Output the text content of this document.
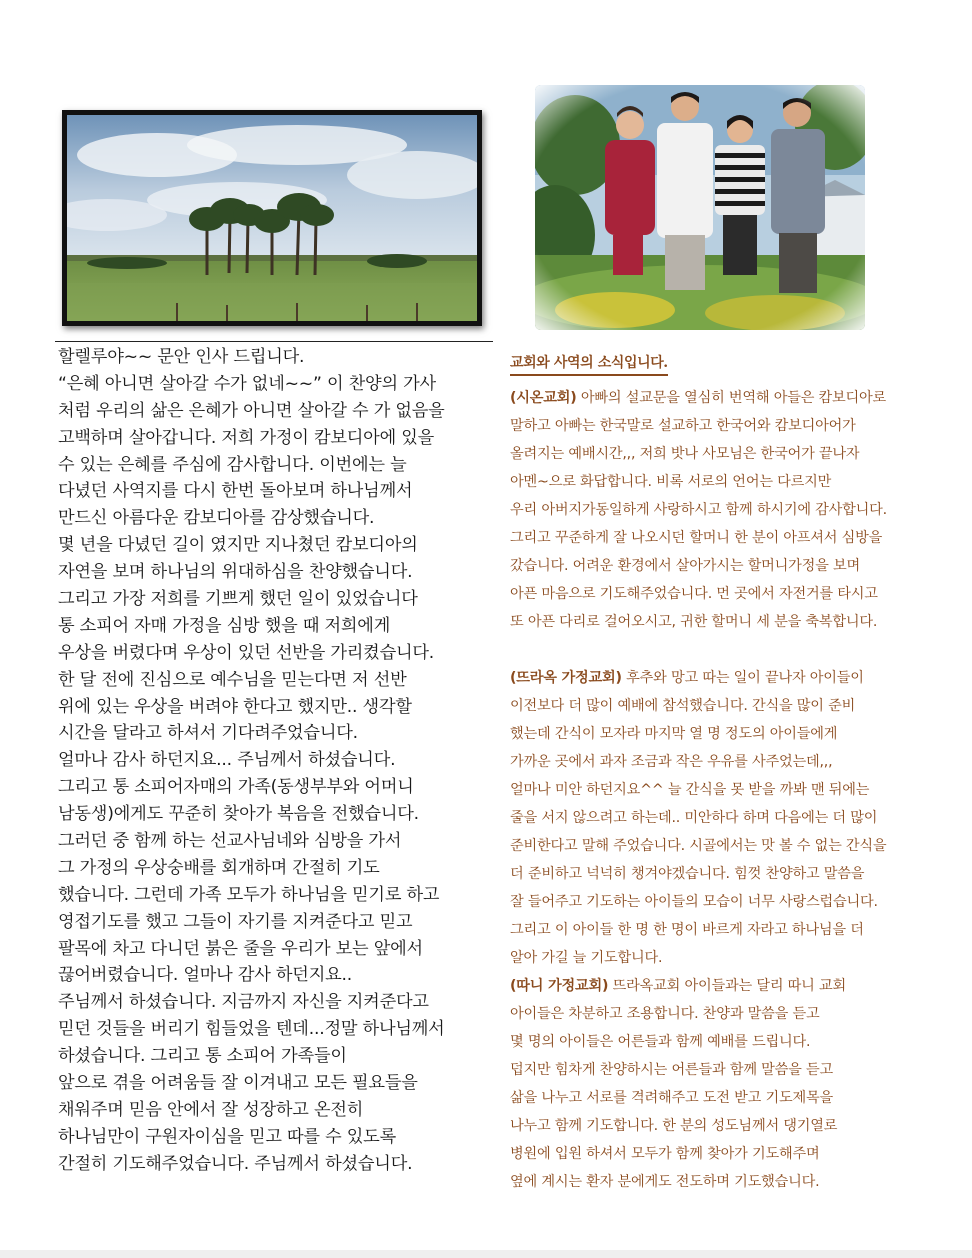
할렐루야~~ 문안 인사 드립니다.
“은혜 아니면 살아갈 수가 없네~~” 이 찬양의 가사
처럼 우리의 삶은 은혜가 아니면 살아갈 수 가 없음을
고백하며 살아갑니다. 저희 가정이 캄보디아에 있을
수 있는 은혜를 주심에 감사합니다. 이번에는 늘
다녔던 사역지를 다시 한번 돌아보며 하나님께서
만드신 아름다운 캄보디아를 감상했습니다.
몇 년을 다녔던 길이 였지만 지나쳤던 캄보디아의
자연을 보며 하나님의 위대하심을 찬양했습니다.
그리고 가장 저희를 기쁘게 했던 일이 있었습니다
통 소피어 자매 가정을 심방 했을 때 저희에게
우상을 버렸다며 우상이 있던 선반을 가리켰습니다.
한 달 전에 진심으로 예수님을 믿는다면 저 선반
위에 있는 우상을 버려야 한다고 했지만.. 생각할
시간을 달라고 하셔서 기다려주었습니다.
얼마나 감사 하던지요... 주님께서 하셨습니다.
그리고 통 소피어자매의 가족(동생부부와 어머니
남동생)에게도 꾸준히 찾아가 복음을 전했습니다.
그러던 중 함께 하는 선교사님네와 심방을 가서
그 가정의 우상숭배를 회개하며 간절히 기도
했습니다. 그런데 가족 모두가 하나님을 믿기로 하고
영접기도를 했고 그들이 자기를 지켜준다고 믿고
팔목에 차고 다니던 붉은 줄을 우리가 보는 앞에서
끊어버렸습니다. 얼마나 감사 하던지요..
주님께서 하셨습니다. 지금까지 자신을 지켜준다고
믿던 것들을 버리기 힘들었을 텐데...정말 하나님께서
하셨습니다. 그리고 통 소피어 가족들이
앞으로 겪을 어려움들 잘 이겨내고 모든 필요들을
채워주며 믿음 안에서 잘 성장하고 온전히
하나님만이 구원자이심을 믿고 따를 수 있도록
간절히 기도해주었습니다. 주님께서 하셨습니다.
교회와 사역의 소식입니다.
(시온교회) 아빠의 설교문을 열심히 번역해 아들은 캄보디아로
말하고 아빠는 한국말로 설교하고 한국어와 캄보디아어가
올려지는 예배시간,,, 저희 밧나 사모님은 한국어가 끝나자
아멘~으로 화답합니다. 비록 서로의 언어는 다르지만
우리 아버지가동일하게 사랑하시고 함께 하시기에 감사합니다.
그리고 꾸준하게 잘 나오시던 할머니 한 분이 아프셔서 심방을
갔습니다. 어려운 환경에서 살아가시는 할머니가정을 보며
아픈 마음으로 기도해주었습니다. 먼 곳에서 자전거를 타시고
또 아픈 다리로 걸어오시고, 귀한 할머니 세 분을 축복합니다.
(뜨라옥 가정교회) 후추와 망고 따는 일이 끝나자 아이들이
이전보다 더 많이 예배에 참석했습니다. 간식을 많이 준비
했는데 간식이 모자라 마지막 열 명 정도의 아이들에게
가까운 곳에서 과자 조금과 작은 우유를 사주었는데,,,
얼마나 미안 하던지요^^ 늘 간식을 못 받을 까봐 맨 뒤에는
줄을 서지 않으려고 하는데.. 미안하다 하며 다음에는 더 많이
준비한다고 말해 주었습니다. 시골에서는 맛 볼 수 없는 간식을
더 준비하고 넉넉히 챙겨야겠습니다. 힘껏 찬양하고 말씀을
잘 들어주고 기도하는 아이들의 모습이 너무 사랑스럽습니다.
그리고 이 아이들 한 명 한 명이 바르게 자라고 하나님을 더
알아 가길 늘 기도합니다.
(따니 가정교회) 뜨라옥교회 아이들과는 달리 따니 교회
아이들은 차분하고 조용합니다. 찬양과 말씀을 듣고
몇 명의 아이들은 어른들과 함께 예배를 드립니다.
덥지만 힘차게 찬양하시는 어른들과 함께 말씀을 듣고
삶을 나누고 서로를 격려해주고 도전 받고 기도제목을
나누고 함께 기도합니다. 한 분의 성도님께서 댕기열로
병원에 입원 하셔서 모두가 함께 찾아가 기도해주며
옆에 계시는 환자 분에게도 전도하며 기도했습니다.
